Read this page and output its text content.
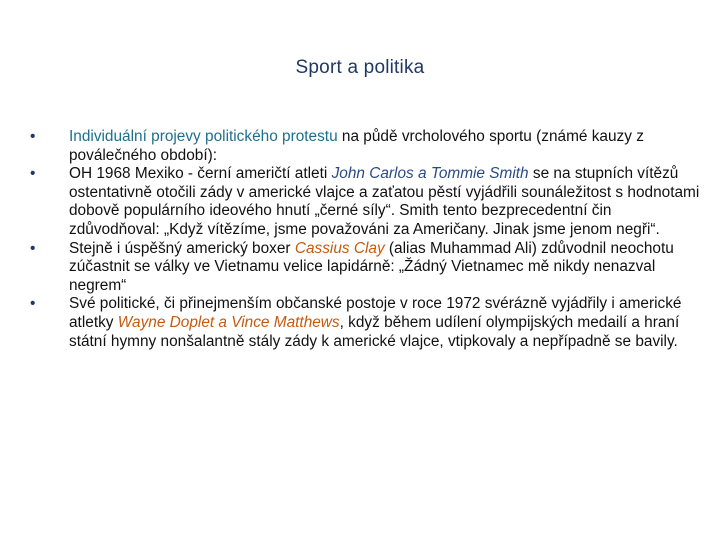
Sport a politika
•	Individuální projevy politického protestu na půdě vrcholového sportu (známé kauzy z poválečného období):
•	OH 1968 Mexiko - černí američtí atleti John Carlos a Tommie Smith se na stupních vítězů ostentativně otočili zády v americké vlajce a zaťatou pěstí vyjádřili sounáležitost s hodnotami dobově populárního ideového hnutí „černé síly“. Smith tento bezprecedentní čin zdůvodňoval: „Když vítězíme, jsme považováni za Američany. Jinak jsme jenom negři“.
•	Stejně i úspěšný americký boxer Cassius Clay (alias Muhammad Ali) zdůvodnil neochotu zúčastnit se války ve Vietnamu velice lapidárně: „Žádný Vietnamec mě nikdy nenazval negrem“
•	Své politické, či přinejmenším občanské postoje v roce 1972 svérázně vyjádřily i americké atletky Wayne Doplet a Vince Matthews, když během udílení olympijských medailí a hraní státní hymny nonšalantně stály zády k americké vlajce, vtipkovaly a nepřípadně se bavily.
